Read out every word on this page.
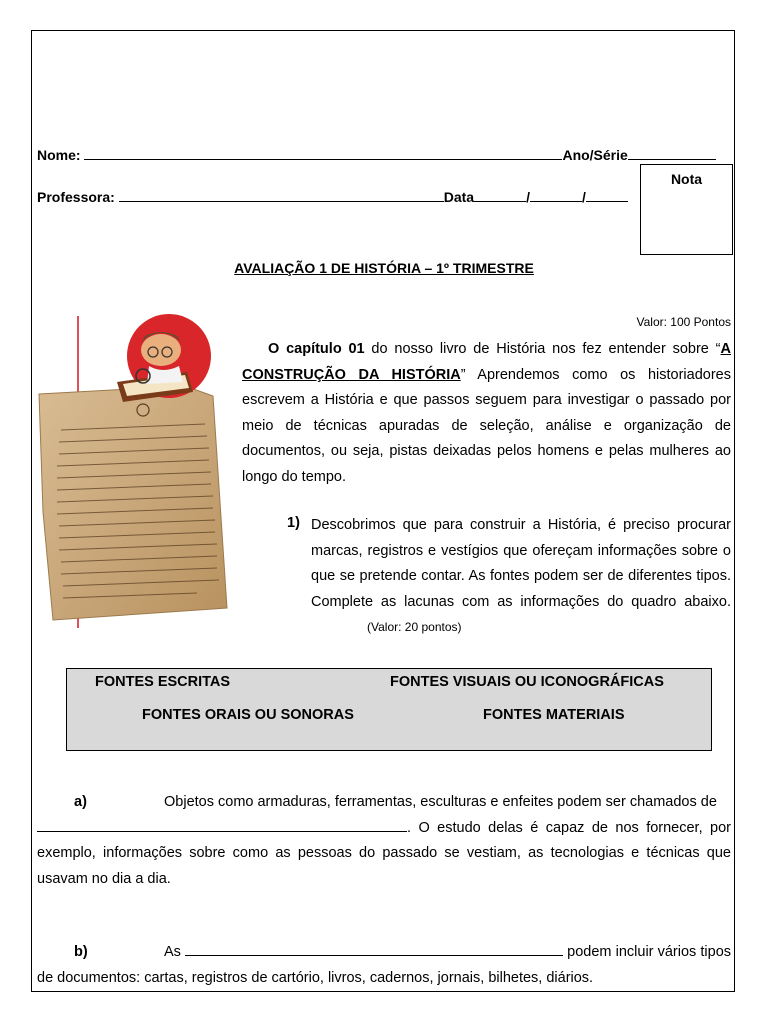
Nome:	Ano/Série
Professora:	Data	/	/
Nota
AVALIAÇÃO 1 DE HISTÓRIA – 1º TRIMESTRE
Valor: 100 Pontos
O capítulo 01 do nosso livro de História nos fez entender sobre “A CONSTRUÇÃO DA HISTÓRIA” Aprendemos como os historiadores escrevem a História e que passos seguem para investigar o passado por meio de técnicas apuradas de seleção, análise e organização de documentos, ou seja, pistas deixadas pelos homens e pelas mulheres ao longo do tempo.
1) Descobrimos que para construir a História, é preciso procurar marcas, registros e vestígios que ofereçam informações sobre o que se pretende contar. As fontes podem ser de diferentes tipos. Complete as lacunas com as informações do quadro abaixo.(Valor: 20 pontos)
FONTES ESCRITAS	FONTES VISUAIS OU ICONOGRÁFICAS
FONTES ORAIS OU SONORAS	FONTES MATERIAIS
a)	Objetos como armaduras, ferramentas, esculturas e enfeites podem ser chamados de
. O estudo delas é capaz de nos fornecer, por exemplo, informações sobre como as pessoas do passado se vestiam, as tecnologias e técnicas que usavam no dia a dia.
b)	As	podem incluir vários tipos de documentos: cartas, registros de cartório, livros, cadernos, jornais, bilhetes, diários.
